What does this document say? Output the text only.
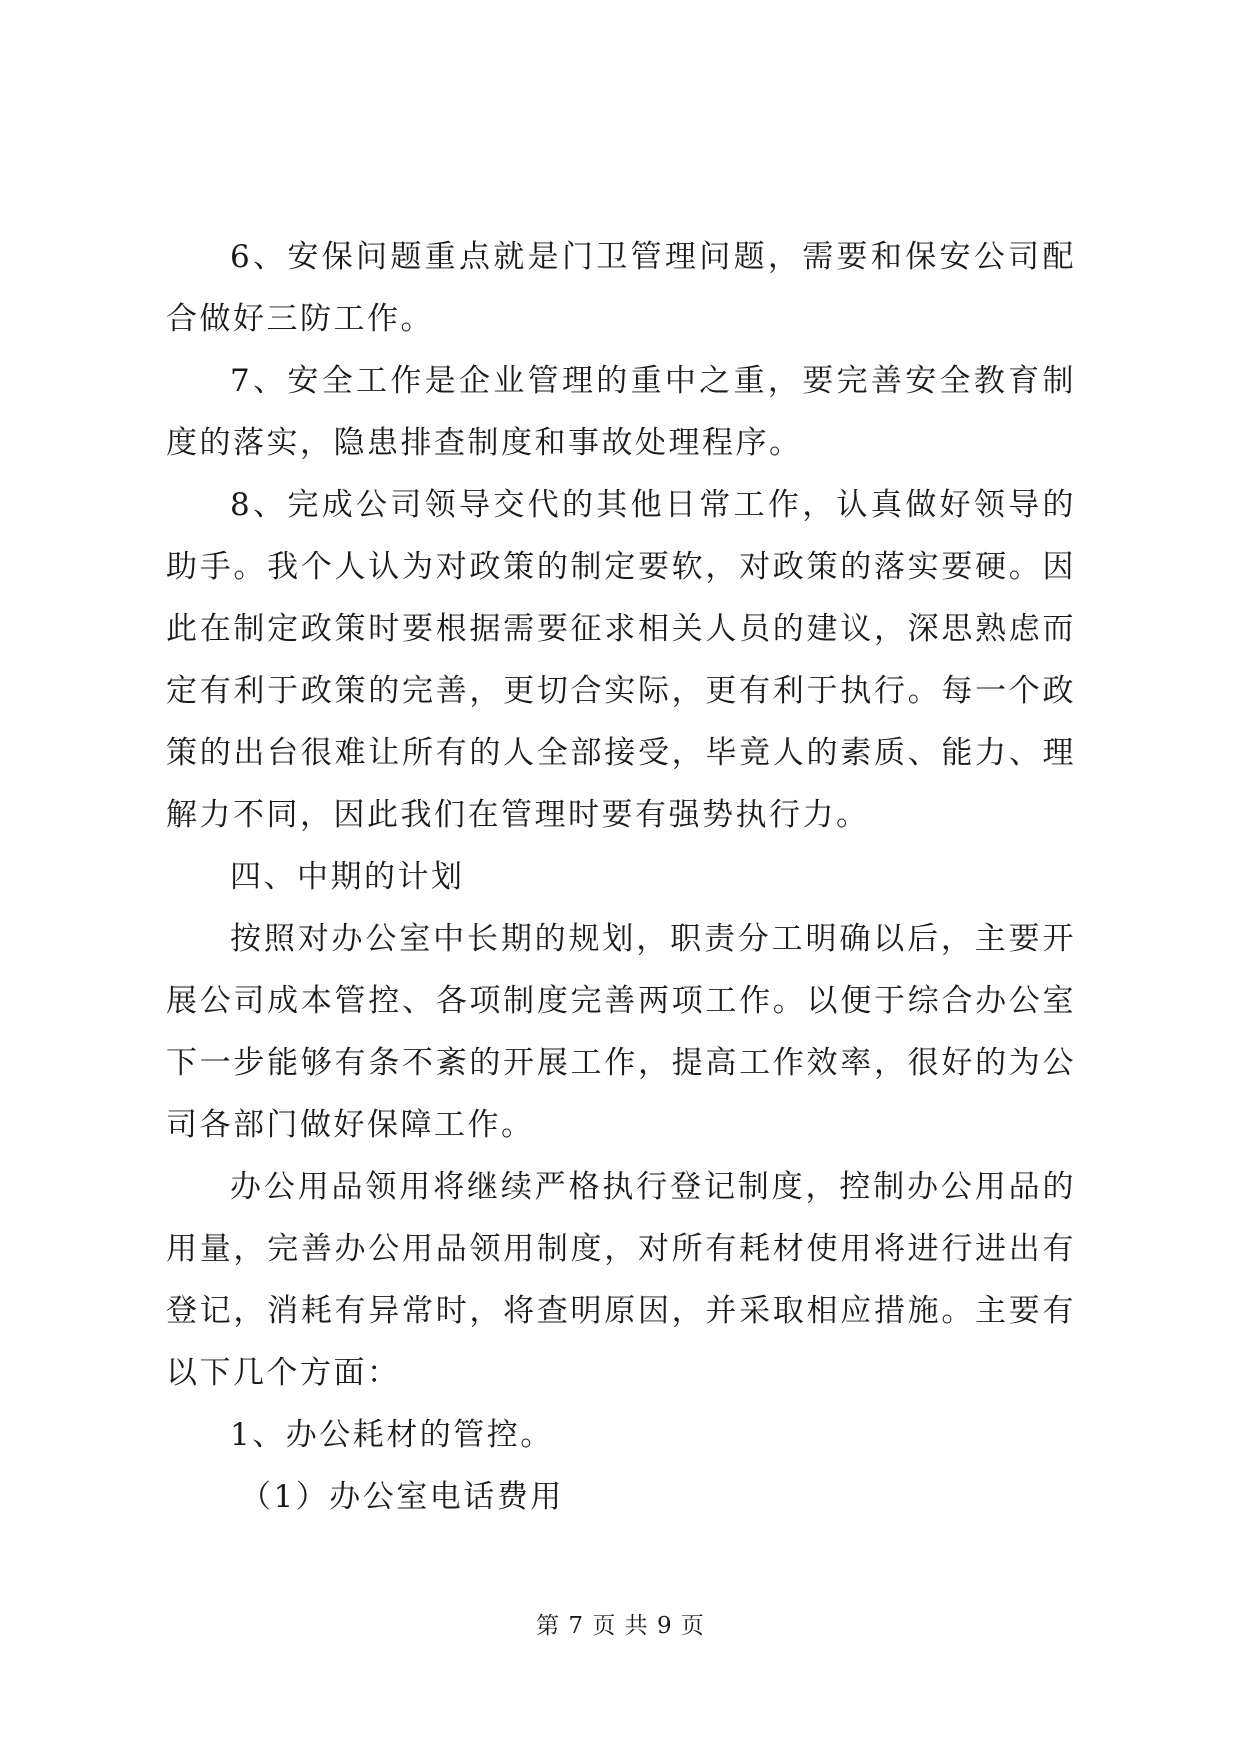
6、安保问题重点就是门卫管理问题，需要和保安公司配合做好三防工作。

7、安全工作是企业管理的重中之重，要完善安全教育制度的落实，隐患排查制度和事故处理程序。

8、完成公司领导交代的其他日常工作，认真做好领导的助手。我个人认为对政策的制定要软，对政策的落实要硬。因此在制定政策时要根据需要征求相关人员的建议，深思熟虑而定有利于政策的完善，更切合实际，更有利于执行。每一个政策的出台很难让所有的人全部接受，毕竟人的素质、能力、理解力不同，因此我们在管理时要有强势执行力。

四、中期的计划

按照对办公室中长期的规划，职责分工明确以后，主要开展公司成本管控、各项制度完善两项工作。以便于综合办公室下一步能够有条不紊的开展工作，提高工作效率，很好的为公司各部门做好保障工作。

办公用品领用将继续严格执行登记制度，控制办公用品的用量，完善办公用品领用制度，对所有耗材使用将进行进出有登记，消耗有异常时，将查明原因，并采取相应措施。主要有以下几个方面：

1、办公耗材的管控。

（1）办公室电话费用

第 7 页 共 9 页
